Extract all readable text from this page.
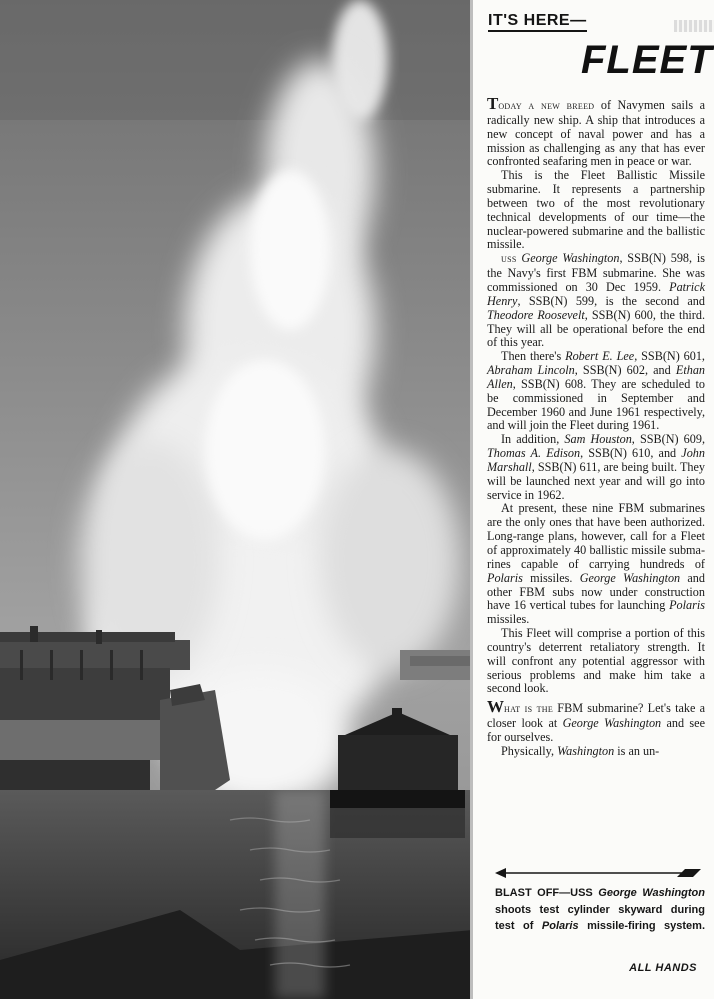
IT'S HERE—
FLEET

Today a new breed of Navymen sails a radically new ship. A ship that introduces a new concept of naval power and has a mission as challenging as any that has ever confronted seafaring men in peace or war.

This is the Fleet Ballistic Missile submarine. It represents a partnership between two of the most revolutionary technical developments of our time—the nuclear-powered submarine and the ballistic missile.

uss George Washington, SSB(N) 598, is the Navy's first FBM submarine. She was commissioned on 30 Dec 1959. Patrick Henry, SSB(N) 599, is the second and Theodore Roosevelt, SSB(N) 600, the third. They will all be operational before the end of this year.

Then there's Robert E. Lee, SSB(N) 601, Abraham Lincoln, SSB(N) 602, and Ethan Allen, SSB(N) 608. They are scheduled to be commissioned in September and December 1960 and June 1961 respectively, and will join the Fleet during 1961.

In addition, Sam Houston, SSB(N) 609, Thomas A. Edison, SSB(N) 610, and John Marshall, SSB(N) 611, are being built. They will be launched next year and will go into service in 1962.

At present, these nine FBM submarines are the only ones that have been authorized. Long-range plans, however, call for a Fleet of approximately 40 ballistic missile submarines capable of carrying hundreds of Polaris missiles. George Washington and other FBM subs now under construction have 16 vertical tubes for launching Polaris missiles.

This Fleet will comprise a portion of this country's deterrent retaliatory strength. It will confront any potential aggressor with serious problems and make him take a second look.

What is the FBM submarine? Let's take a closer look at George Washington and see for ourselves.

Physically, Washington is an un-

BLAST OFF—USS George Washington shoots test cylinder skyward during test of Polaris missile-firing system.
ALL HANDS
